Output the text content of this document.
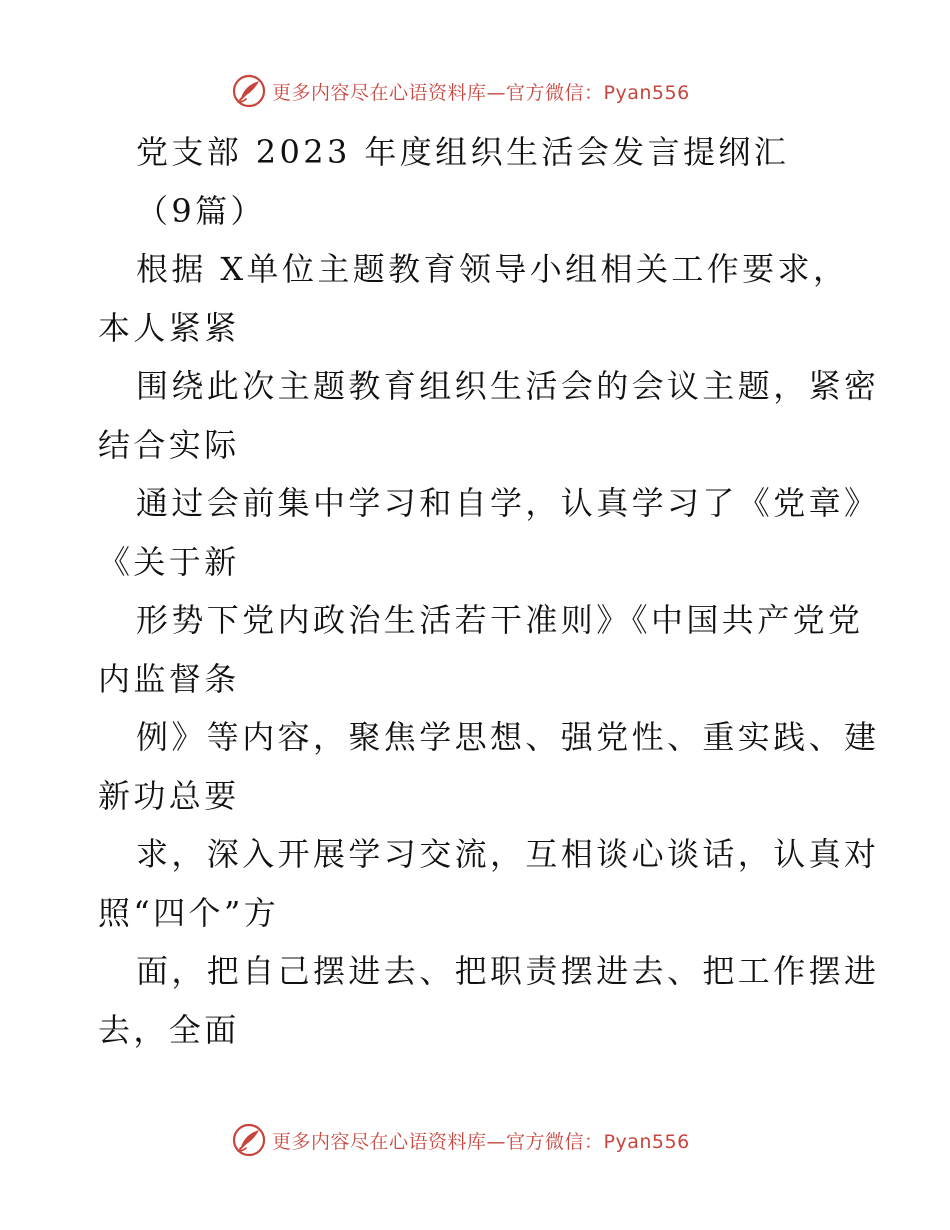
更多内容尽在心语资料库—官方微信：Pyan556
党支部 2023 年度组织生活会发言提纲汇
（9篇）
根据 X单位主题教育领导小组相关工作要求，
本人紧紧
围绕此次主题教育组织生活会的会议主题，紧密
结合实际
通过会前集中学习和自学，认真学习了《党章》
《关于新
形势下党内政治生活若干准则》《中国共产党党
内监督条
例》等内容，聚焦学思想、强党性、重实践、建
新功总要
求，深入开展学习交流，互相谈心谈话，认真对
照“四个”方
面，把自己摆进去、把职责摆进去、把工作摆进
去，全面
更多内容尽在心语资料库—官方微信：Pyan556
